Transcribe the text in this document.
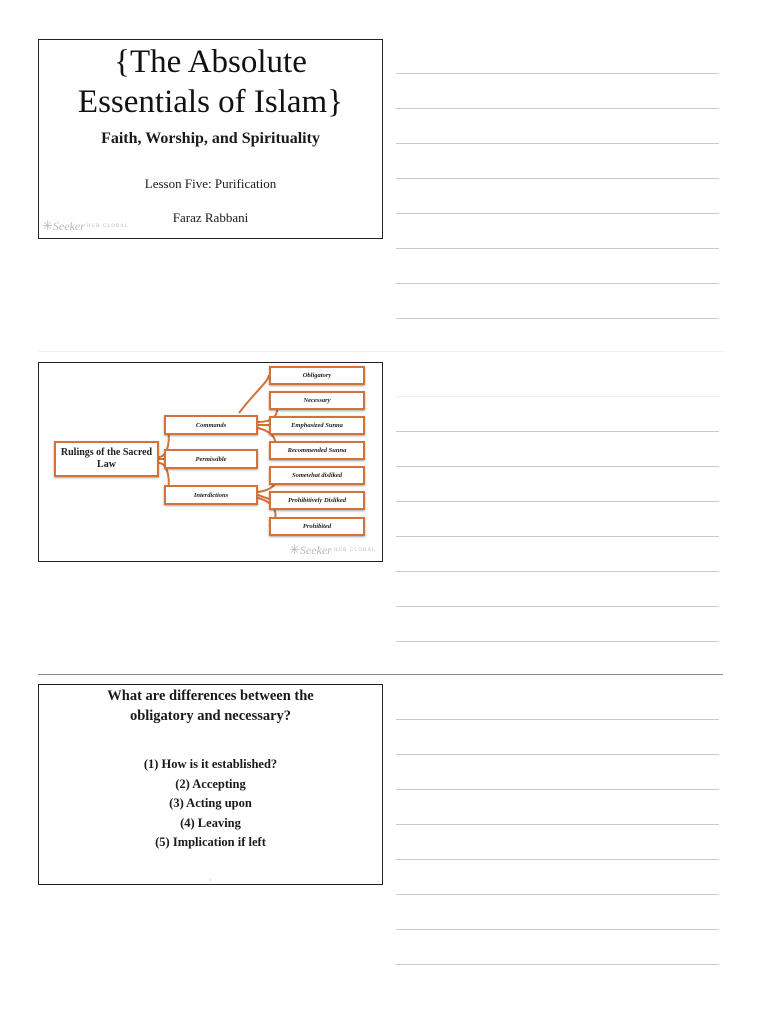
{The Absolute
Essentials of Islam}
Faith, Worship, and Spirituality
Lesson Five: Purification
Faraz Rabbani
✳Seeker HUB GLOBAL
Rulings of the Sacred Law
Commands
Permissible
Interdictions
Obligatory
Necessary
Emphasized Sunna
Recommended Sunna
Somewhat disliked
Prohibitively Disliked
Prohibited
✳Seeker HUB GLOBAL
What are differences between the
obligatory and necessary?
(1) How is it established?
(2) Accepting
(3) Acting upon
(4) Leaving
(5) Implication if left
1
